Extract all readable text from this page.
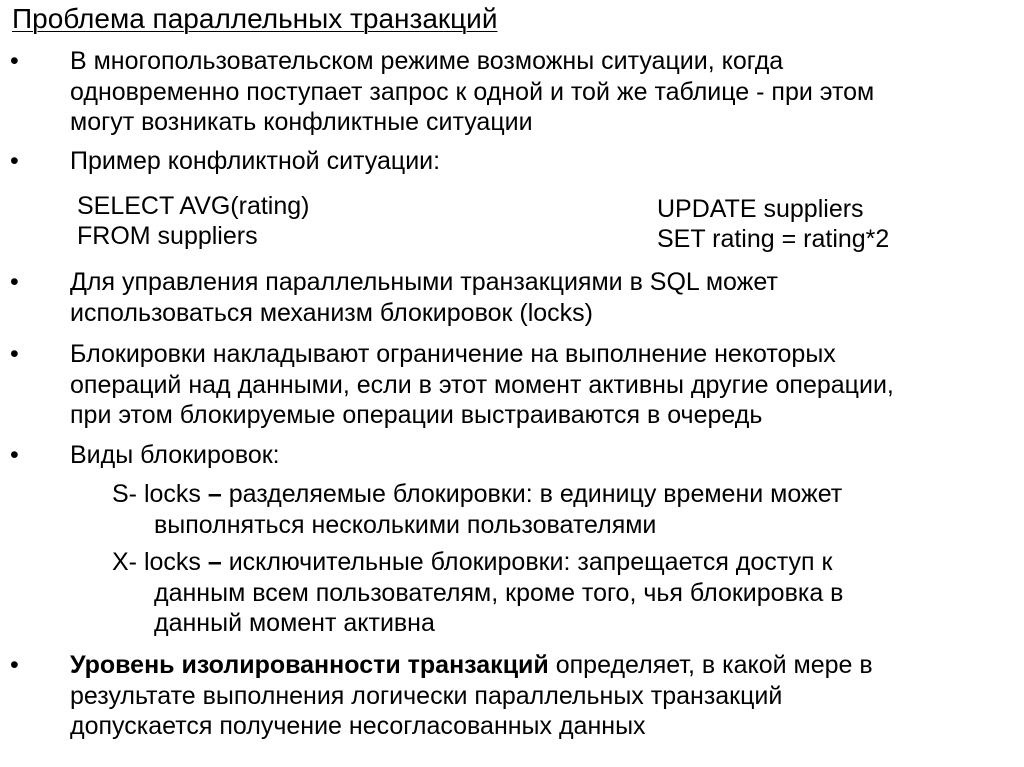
Проблема параллельных транзакций
•	В многопользовательском режиме возможны ситуации, когда
одновременно поступает запрос к одной и той же таблице - при этом
могут возникать конфликтные ситуации
•	Пример конфликтной ситуации:
SELECT AVG(rating)
FROM suppliers
UPDATE suppliers
SET rating = rating*2
•	Для управления параллельными транзакциями в SQL может
использоваться механизм блокировок (locks)
•	Блокировки накладывают ограничение на выполнение некоторых
операций над данными, если в этот момент активны другие операции,
при этом блокируемые операции выстраиваются в очередь
•	Виды блокировок:
S- locks – разделяемые блокировки: в единицу времени может
выполняться несколькими пользователями
X- locks – исключительные блокировки: запрещается доступ к
данным всем пользователям, кроме того, чья блокировка в
данный момент активна
•	Уровень изолированности транзакций определяет, в какой мере в
результате выполнения логически параллельных транзакций
допускается получение несогласованных данных
